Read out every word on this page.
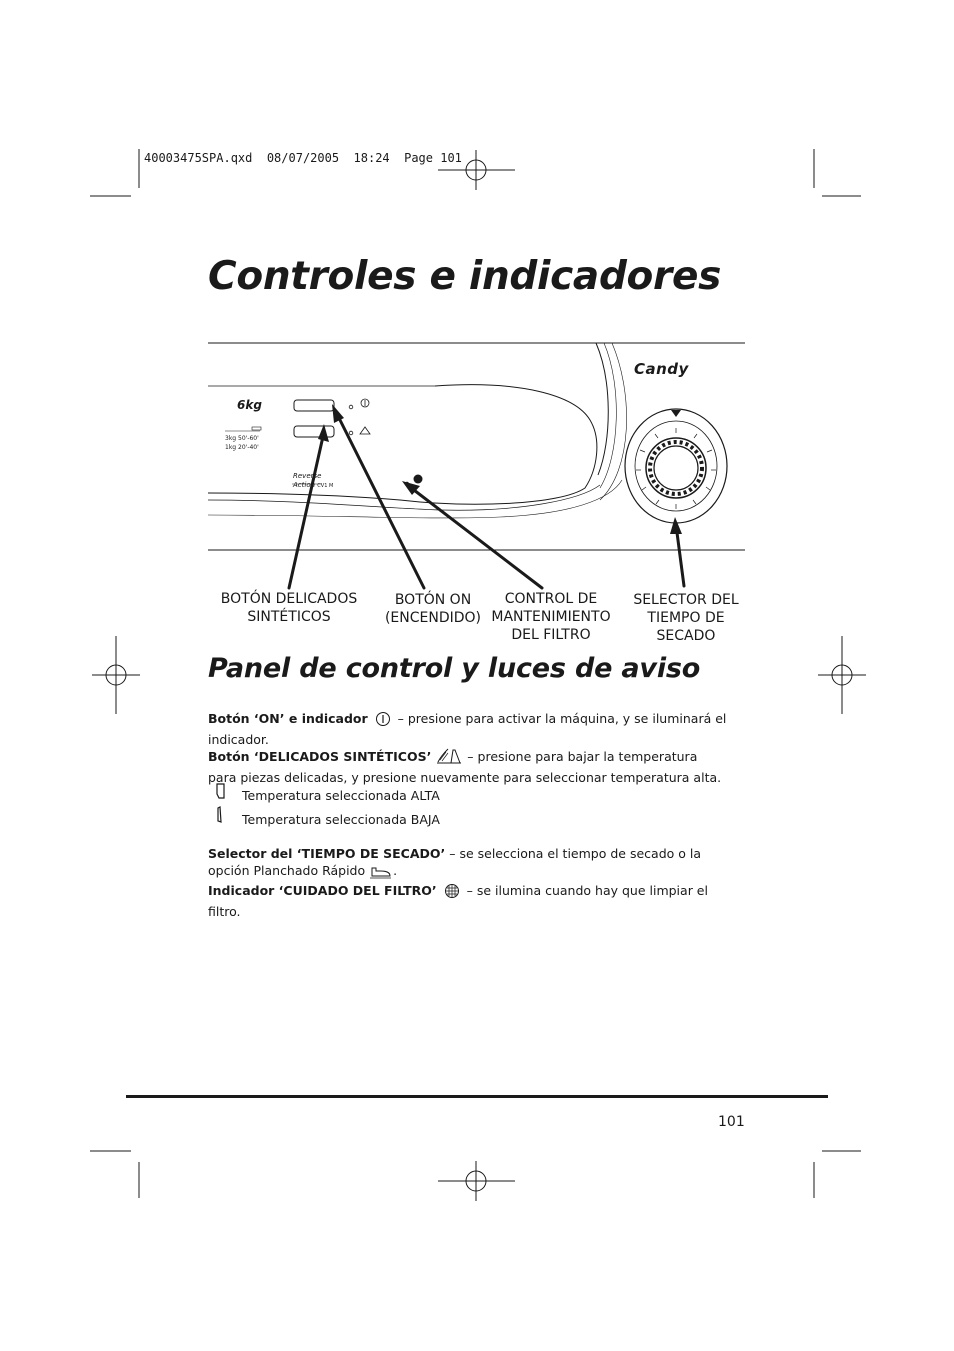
40003475SPA.qxd 08/07/2005 18:24 Page 101
Controles e indicadores
Candy
6kg
3kg 50'-60'
1kg 20'-40'
Reverse
Action CV1 M
BOTÓN DELICADOS
SINTÉTICOS
BOTÓN ON
(ENCENDIDO)
CONTROL DE
MANTENIMIENTO
DEL FILTRO
SELECTOR DEL
TIEMPO DE
SECADO
Panel de control y luces de aviso
Botón ‘ON’ e indicador – presione para activar la máquina, y se iluminará el indicador.
Botón ‘DELICADOS SINTÉTICOS’	– presione para bajar la temperatura para piezas delicadas, y presione nuevamente para seleccionar temperatura alta.
Temperatura seleccionada ALTA
Temperatura seleccionada BAJA
Selector del ‘TIEMPO DE SECADO’ – se selecciona el tiempo de secado o la opción Planchado Rápido .
Indicador ‘CUIDADO DEL FILTRO’ – se ilumina cuando hay que limpiar el filtro.
101
